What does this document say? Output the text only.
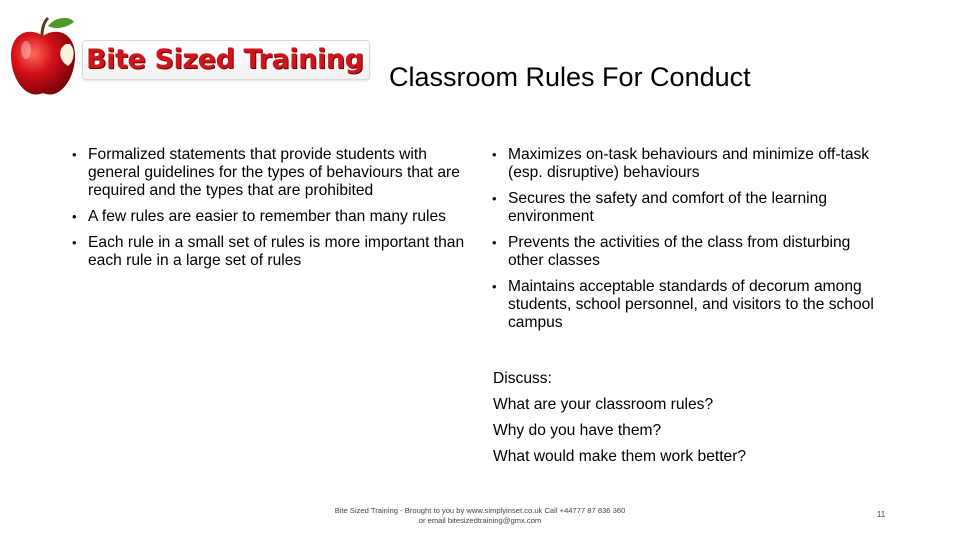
Bite Sized Training
Classroom Rules For Conduct
• Formalized statements that provide students with general guidelines for the types of behaviours that are required and the types that are prohibited
• A few rules are easier to remember than many rules
• Each rule in a small set of rules is more important than each rule in a large set of rules
• Maximizes on-task behaviours and minimize off-task (esp. disruptive) behaviours
• Secures the safety and comfort of the learning environment
• Prevents the activities of the class from disturbing other classes
• Maintains acceptable standards of decorum among students, school personnel, and visitors to the school campus
Discuss:
What are your classroom rules?
Why do you have them?
What would make them work better?
Bite Sized Training - Brought to you by www.simplyinset.co.uk Call +44777 87 836 360
or email bitesizedtraining@gmx.com
11
